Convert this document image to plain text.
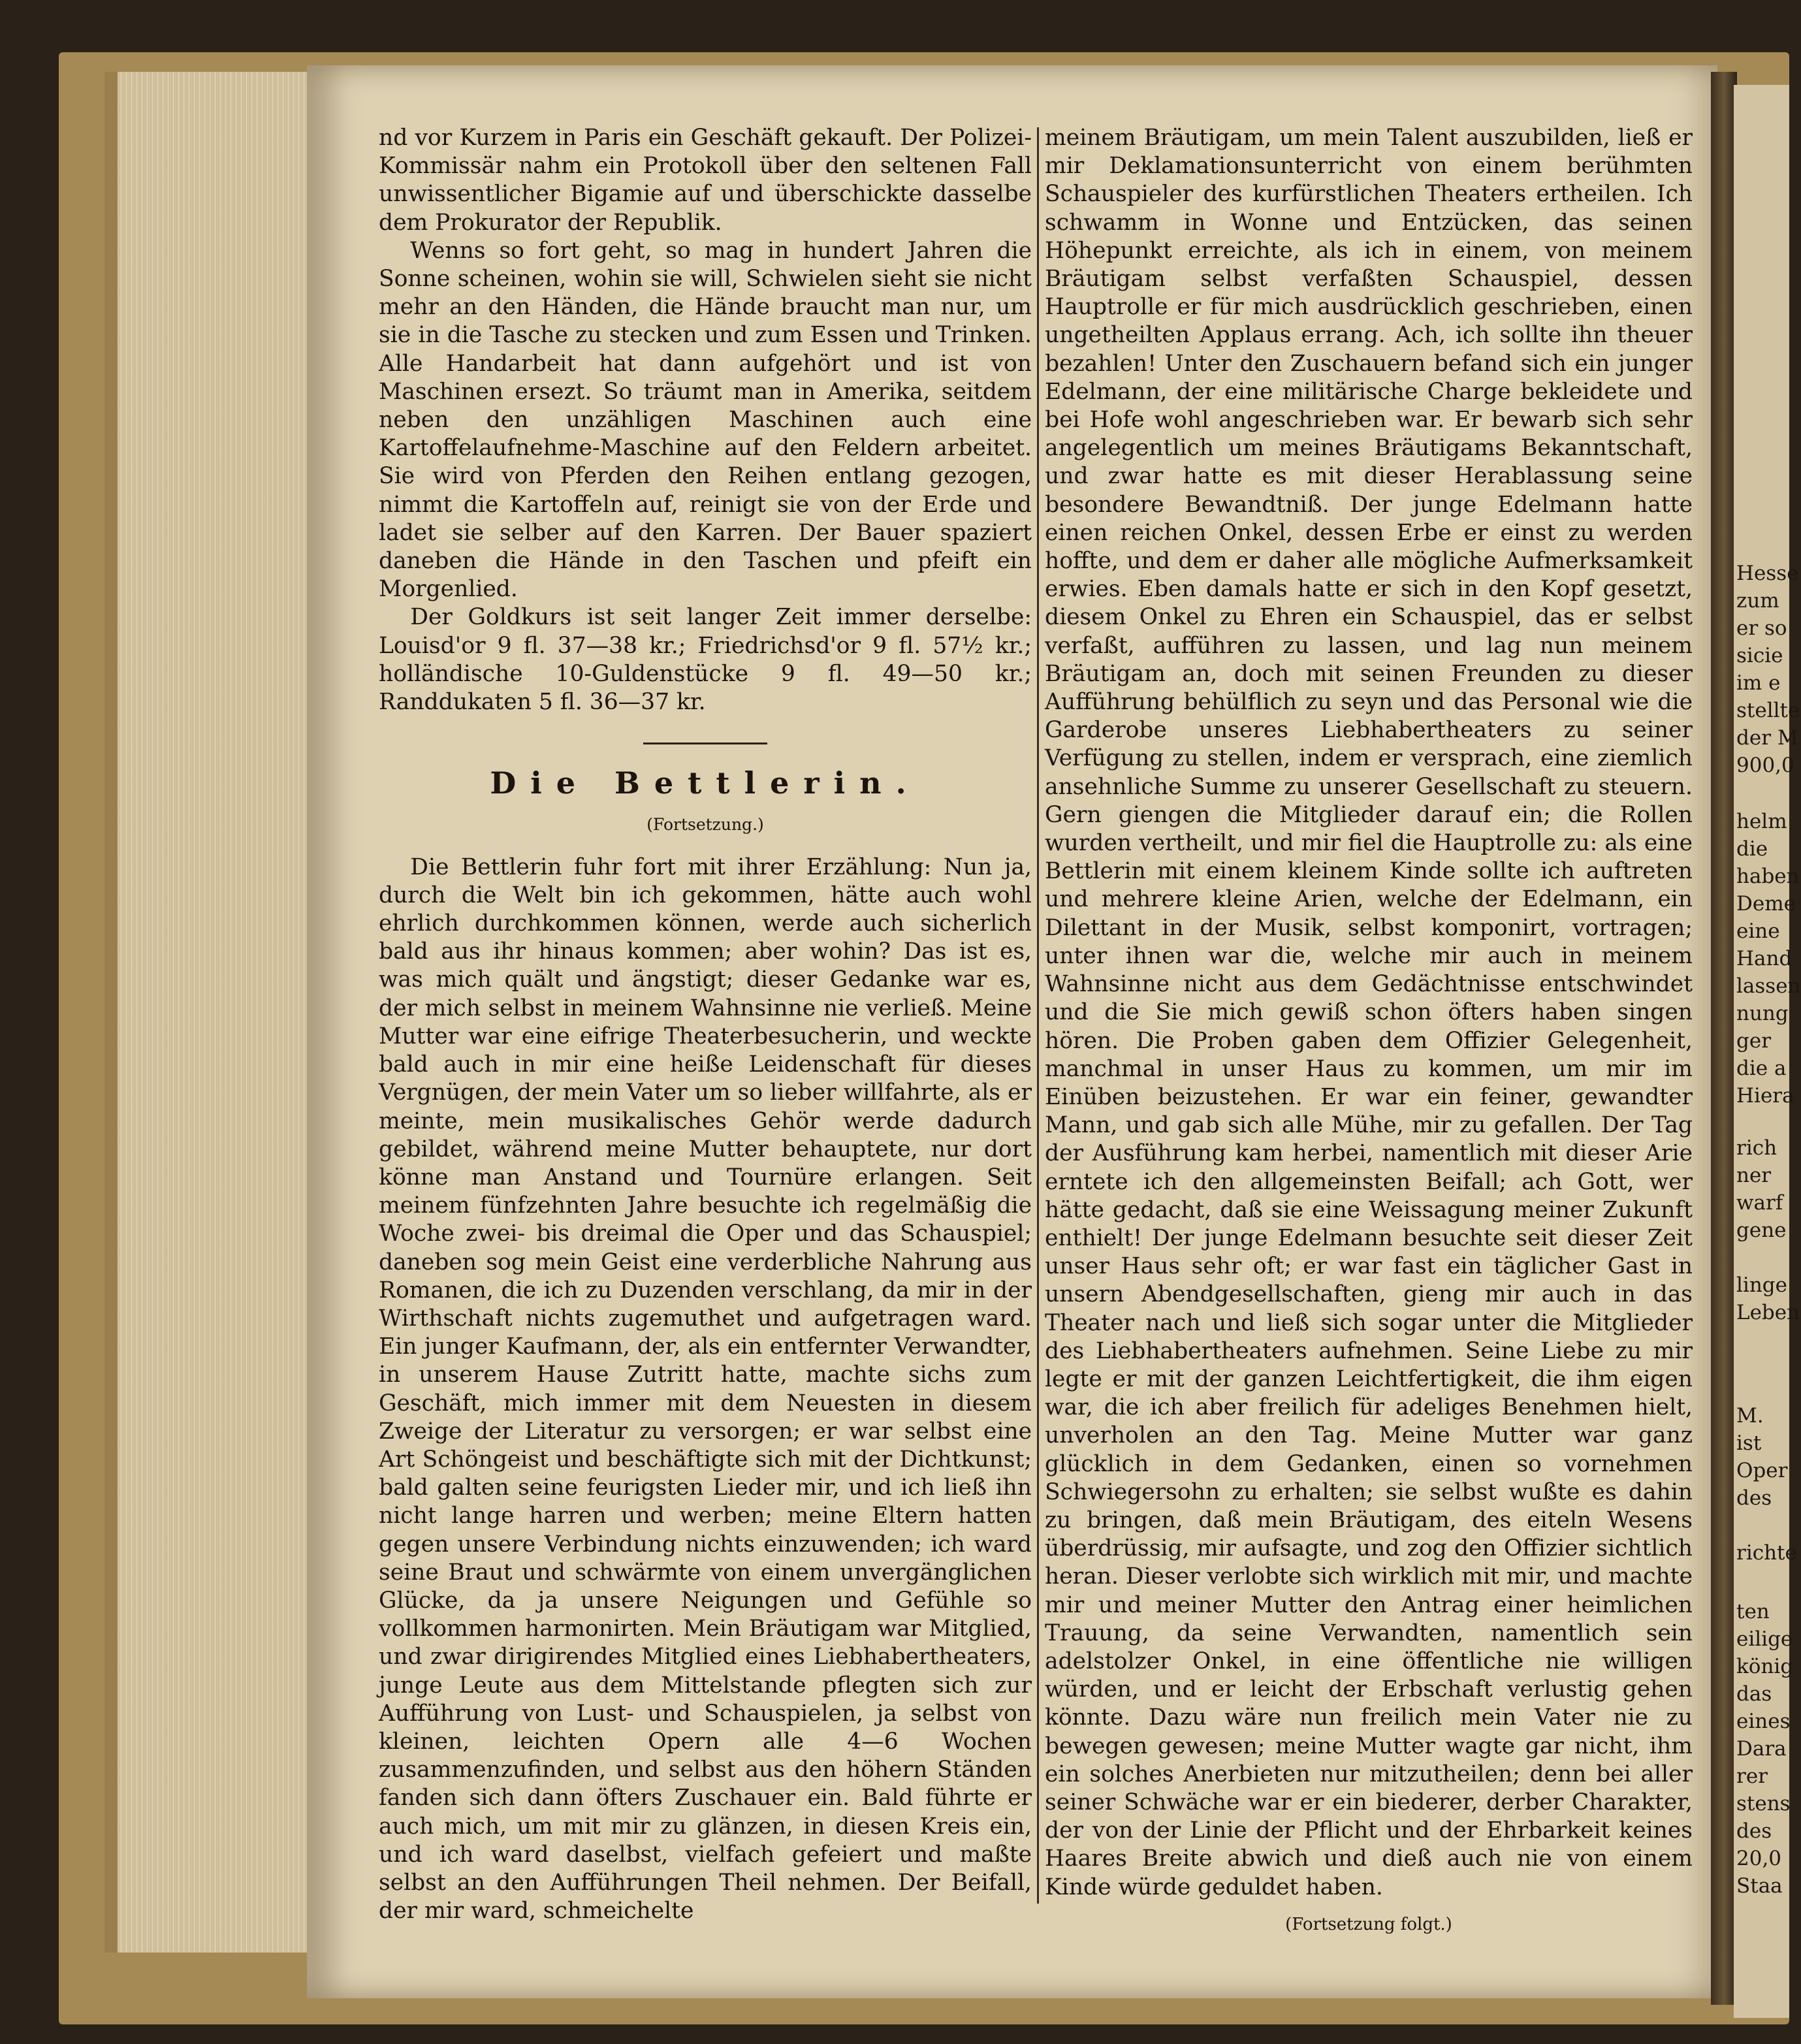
Hesse
zum
er so
sicie
im e
stellte
der M
900,0
helm
die
haben
Deme
eine
Hand
lassen
nung
ger
die a
Hiera
rich
ner
warf
gene
linge
Leben
M.
ist
Oper
des
richte
ten
eilige
könig
das
eines
Dara
rer
stens
des
20,0
Staa

nd vor Kurzem in Paris ein Geschäft gekauft. Der Polizei-Kommissär nahm ein Protokoll über den seltenen Fall unwissentlicher Bigamie auf und überschickte dasselbe dem Prokurator der Republik.

Wenns so fort geht, so mag in hundert Jahren die Sonne scheinen, wohin sie will, Schwielen sieht sie nicht mehr an den Händen, die Hände braucht man nur, um sie in die Tasche zu stecken und zum Essen und Trinken. Alle Handarbeit hat dann aufgehört und ist von Maschinen ersezt. So träumt man in Amerika, seitdem neben den unzähligen Maschinen auch eine Kartoffelaufnehme-Maschine auf den Feldern arbeitet. Sie wird von Pferden den Reihen entlang gezogen, nimmt die Kartoffeln auf, reinigt sie von der Erde und ladet sie selber auf den Karren. Der Bauer spaziert daneben die Hände in den Taschen und pfeift ein Morgenlied.

Der Goldkurs ist seit langer Zeit immer derselbe: Louisd'or 9 fl. 37—38 kr.; Friedrichsd'or 9 fl. 57½ kr.; holländische 10-Guldenstücke 9 fl. 49—50 kr.; Randdukaten 5 fl. 36—37 kr.

Die Bettlerin.
(Fortsetzung.)

Die Bettlerin fuhr fort mit ihrer Erzählung: Nun ja, durch die Welt bin ich gekommen, hätte auch wohl ehrlich durchkommen können, werde auch sicherlich bald aus ihr hinaus kommen; aber wohin? Das ist es, was mich quält und ängstigt; dieser Gedanke war es, der mich selbst in meinem Wahnsinne nie verließ. Meine Mutter war eine eifrige Theaterbesucherin, und weckte bald auch in mir eine heiße Leidenschaft für dieses Vergnügen, der mein Vater um so lieber willfahrte, als er meinte, mein musikalisches Gehör werde dadurch gebildet, während meine Mutter behauptete, nur dort könne man Anstand und Tournüre erlangen. Seit meinem fünfzehnten Jahre besuchte ich regelmäßig die Woche zwei- bis dreimal die Oper und das Schauspiel; daneben sog mein Geist eine verderbliche Nahrung aus Romanen, die ich zu Duzenden verschlang, da mir in der Wirthschaft nichts zugemuthet und aufgetragen ward. Ein junger Kaufmann, der, als ein entfernter Verwandter, in unserem Hause Zutritt hatte, machte sichs zum Geschäft, mich immer mit dem Neuesten in diesem Zweige der Literatur zu versorgen; er war selbst eine Art Schöngeist und beschäftigte sich mit der Dichtkunst; bald galten seine feurigsten Lieder mir, und ich ließ ihn nicht lange harren und werben; meine Eltern hatten gegen unsere Verbindung nichts einzuwenden; ich ward seine Braut und schwärmte von einem unvergänglichen Glücke, da ja unsere Neigungen und Gefühle so vollkommen harmonirten. Mein Bräutigam war Mitglied, und zwar dirigirendes Mitglied eines Liebhabertheaters, junge Leute aus dem Mittelstande pflegten sich zur Aufführung von Lust- und Schauspielen, ja selbst von kleinen, leichten Opern alle 4—6 Wochen zusammenzufinden, und selbst aus den höhern Ständen fanden sich dann öfters Zuschauer ein. Bald führte er auch mich, um mit mir zu glänzen, in diesen Kreis ein, und ich ward daselbst, vielfach gefeiert und maßte selbst an den Aufführungen Theil nehmen. Der Beifall, der mir ward, schmeichelte

meinem Bräutigam, um mein Talent auszubilden, ließ er mir Deklamationsunterricht von einem berühmten Schauspieler des kurfürstlichen Theaters ertheilen. Ich schwamm in Wonne und Entzücken, das seinen Höhepunkt erreichte, als ich in einem, von meinem Bräutigam selbst verfaßten Schauspiel, dessen Hauptrolle er für mich ausdrücklich geschrieben, einen ungetheilten Applaus errang. Ach, ich sollte ihn theuer bezahlen! Unter den Zuschauern befand sich ein junger Edelmann, der eine militärische Charge bekleidete und bei Hofe wohl angeschrieben war. Er bewarb sich sehr angelegentlich um meines Bräutigams Bekanntschaft, und zwar hatte es mit dieser Herablassung seine besondere Bewandtniß. Der junge Edelmann hatte einen reichen Onkel, dessen Erbe er einst zu werden hoffte, und dem er daher alle mögliche Aufmerksamkeit erwies. Eben damals hatte er sich in den Kopf gesetzt, diesem Onkel zu Ehren ein Schauspiel, das er selbst verfaßt, aufführen zu lassen, und lag nun meinem Bräutigam an, doch mit seinen Freunden zu dieser Aufführung behülflich zu seyn und das Personal wie die Garderobe unseres Liebhabertheaters zu seiner Verfügung zu stellen, indem er versprach, eine ziemlich ansehnliche Summe zu unserer Gesellschaft zu steuern. Gern giengen die Mitglieder darauf ein; die Rollen wurden vertheilt, und mir fiel die Hauptrolle zu: als eine Bettlerin mit einem kleinem Kinde sollte ich auftreten und mehrere kleine Arien, welche der Edelmann, ein Dilettant in der Musik, selbst komponirt, vortragen; unter ihnen war die, welche mir auch in meinem Wahnsinne nicht aus dem Gedächtnisse entschwindet und die Sie mich gewiß schon öfters haben singen hören. Die Proben gaben dem Offizier Gelegenheit, manchmal in unser Haus zu kommen, um mir im Einüben beizustehen. Er war ein feiner, gewandter Mann, und gab sich alle Mühe, mir zu gefallen. Der Tag der Ausführung kam herbei, namentlich mit dieser Arie erntete ich den allgemeinsten Beifall; ach Gott, wer hätte gedacht, daß sie eine Weissagung meiner Zukunft enthielt! Der junge Edelmann besuchte seit dieser Zeit unser Haus sehr oft; er war fast ein täglicher Gast in unsern Abendgesellschaften, gieng mir auch in das Theater nach und ließ sich sogar unter die Mitglieder des Liebhabertheaters aufnehmen. Seine Liebe zu mir legte er mit der ganzen Leichtfertigkeit, die ihm eigen war, die ich aber freilich für adeliges Benehmen hielt, unverholen an den Tag. Meine Mutter war ganz glücklich in dem Gedanken, einen so vornehmen Schwiegersohn zu erhalten; sie selbst wußte es dahin zu bringen, daß mein Bräutigam, des eiteln Wesens überdrüssig, mir aufsagte, und zog den Offizier sichtlich heran. Dieser verlobte sich wirklich mit mir, und machte mir und meiner Mutter den Antrag einer heimlichen Trauung, da seine Verwandten, namentlich sein adelstolzer Onkel, in eine öffentliche nie willigen würden, und er leicht der Erbschaft verlustig gehen könnte. Dazu wäre nun freilich mein Vater nie zu bewegen gewesen; meine Mutter wagte gar nicht, ihm ein solches Anerbieten nur mitzutheilen; denn bei aller seiner Schwäche war er ein biederer, derber Charakter, der von der Linie der Pflicht und der Ehrbarkeit keines Haares Breite abwich und dieß auch nie von einem Kinde würde geduldet haben.

(Fortsetzung folgt.)
